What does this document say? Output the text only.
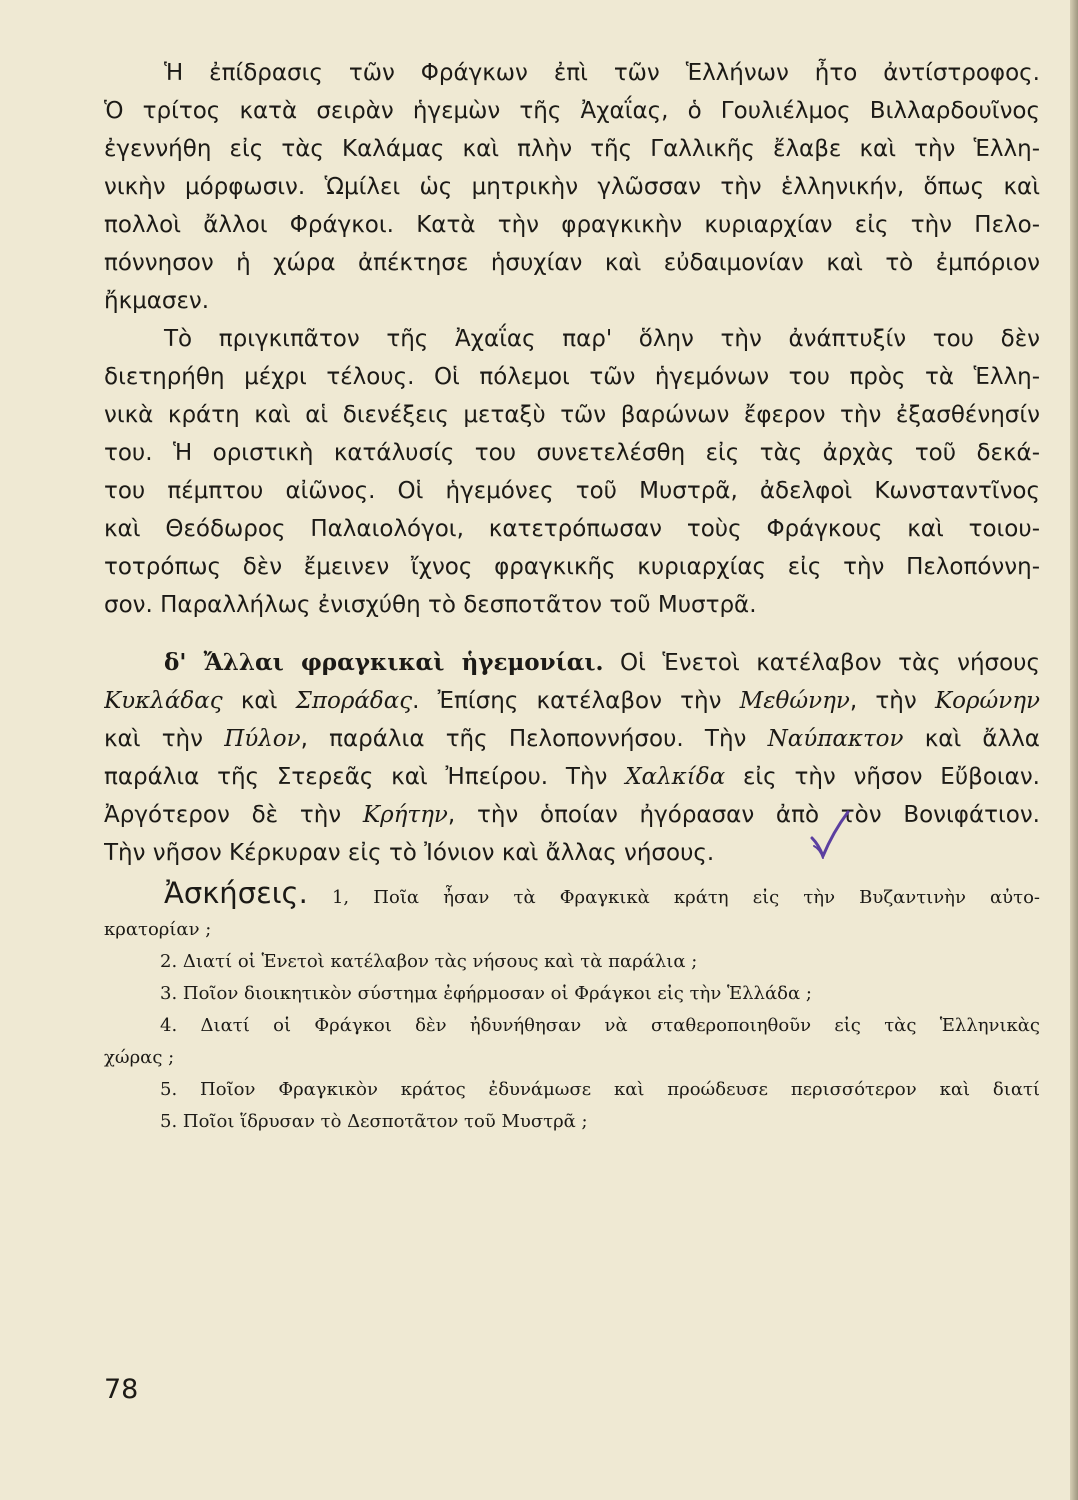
Ἡ ἐπίδρασις τῶν Φράγκων ἐπὶ τῶν Ἑλλήνων ἦτο ἀντίστροφος.
Ὁ τρίτος κατὰ σειρὰν ἡγεμὼν τῆς Ἀχαΐας, ὁ Γουλιέλμος Βιλλαρδουῖνος
ἐγεννήθη εἰς τὰς Καλάμας καὶ πλὴν τῆς Γαλλικῆς ἔλαβε καὶ τὴν Ἑλλη-
νικὴν μόρφωσιν. Ὡμίλει ὡς μητρικὴν γλῶσσαν τὴν ἑλληνικήν, ὅπως καὶ
πολλοὶ ἄλλοι Φράγκοι. Κατὰ τὴν φραγκικὴν κυριαρχίαν εἰς τὴν Πελο-
πόννησον ἡ χώρα ἀπέκτησε ἡσυχίαν καὶ εὐδαιμονίαν καὶ τὸ ἐμπόριον
ἤκμασεν.
Τὸ πριγκιπᾶτον τῆς Ἀχαΐας παρ' ὅλην τὴν ἀνάπτυξίν του δὲν
διετηρήθη μέχρι τέλους. Οἱ πόλεμοι τῶν ἡγεμόνων του πρὸς τὰ Ἑλλη-
νικὰ κράτη καὶ αἱ διενέξεις μεταξὺ τῶν βαρώνων ἔφερον τὴν ἐξασθένησίν
του. Ἡ οριστικὴ κατάλυσίς του συνετελέσθη εἰς τὰς ἀρχὰς τοῦ δεκά-
του πέμπτου αἰῶνος. Οἱ ἡγεμόνες τοῦ Μυστρᾶ, ἀδελφοὶ Κωνσταντῖνος
καὶ Θεόδωρος Παλαιολόγοι, κατετρόπωσαν τοὺς Φράγκους καὶ τοιου-
τοτρόπως δὲν ἔμεινεν ἴχνος φραγκικῆς κυριαρχίας εἰς τὴν Πελοπόννη-
σον. Παραλλήλως ἐνισχύθη τὸ δεσποτᾶτον τοῦ Μυστρᾶ.
δ' Ἄλλαι φραγκικαὶ ἡγεμονίαι. Οἱ Ἑνετοὶ κατέλαβον τὰς νήσους
Κυκλάδας καὶ Σποράδας. Ἐπίσης κατέλαβον τὴν Μεθώνην, τὴν Κορώνην
καὶ τὴν Πύλον, παράλια τῆς Πελοποννήσου. Τὴν Ναύπακτον καὶ ἄλλα
παράλια τῆς Στερεᾶς καὶ Ἠπείρου. Τὴν Χαλκίδα εἰς τὴν νῆσον Εὔβοιαν.
Ἀργότερον δὲ τὴν Κρήτην, τὴν ὁποίαν ἠγόρασαν ἀπὸ τὸν Βονιφάτιον.
Τὴν νῆσον Κέρκυραν εἰς τὸ Ἰόνιον καὶ ἄλλας νήσους.
Ἀσκήσεις. 1, Ποῖα ἦσαν τὰ Φραγκικὰ κράτη εἰς τὴν Βυζαντινὴν αὐτο-
κρατορίαν ;
2. Διατί οἱ Ἑνετοὶ κατέλαβον τὰς νήσους καὶ τὰ παράλια ;
3. Ποῖον διοικητικὸν σύστημα ἐφήρμοσαν οἱ Φράγκοι εἰς τὴν Ἑλλάδα ;
4. Διατί οἱ Φράγκοι δὲν ἠδυνήθησαν νὰ σταθεροποιηθοῦν εἰς τὰς Ἑλληνικὰς
χώρας ;
5. Ποῖον Φραγκικὸν κράτος ἐδυνάμωσε καὶ προώδευσε περισσότερον καὶ διατί
5. Ποῖοι ἵδρυσαν τὸ Δεσποτᾶτον τοῦ Μυστρᾶ ;
78
